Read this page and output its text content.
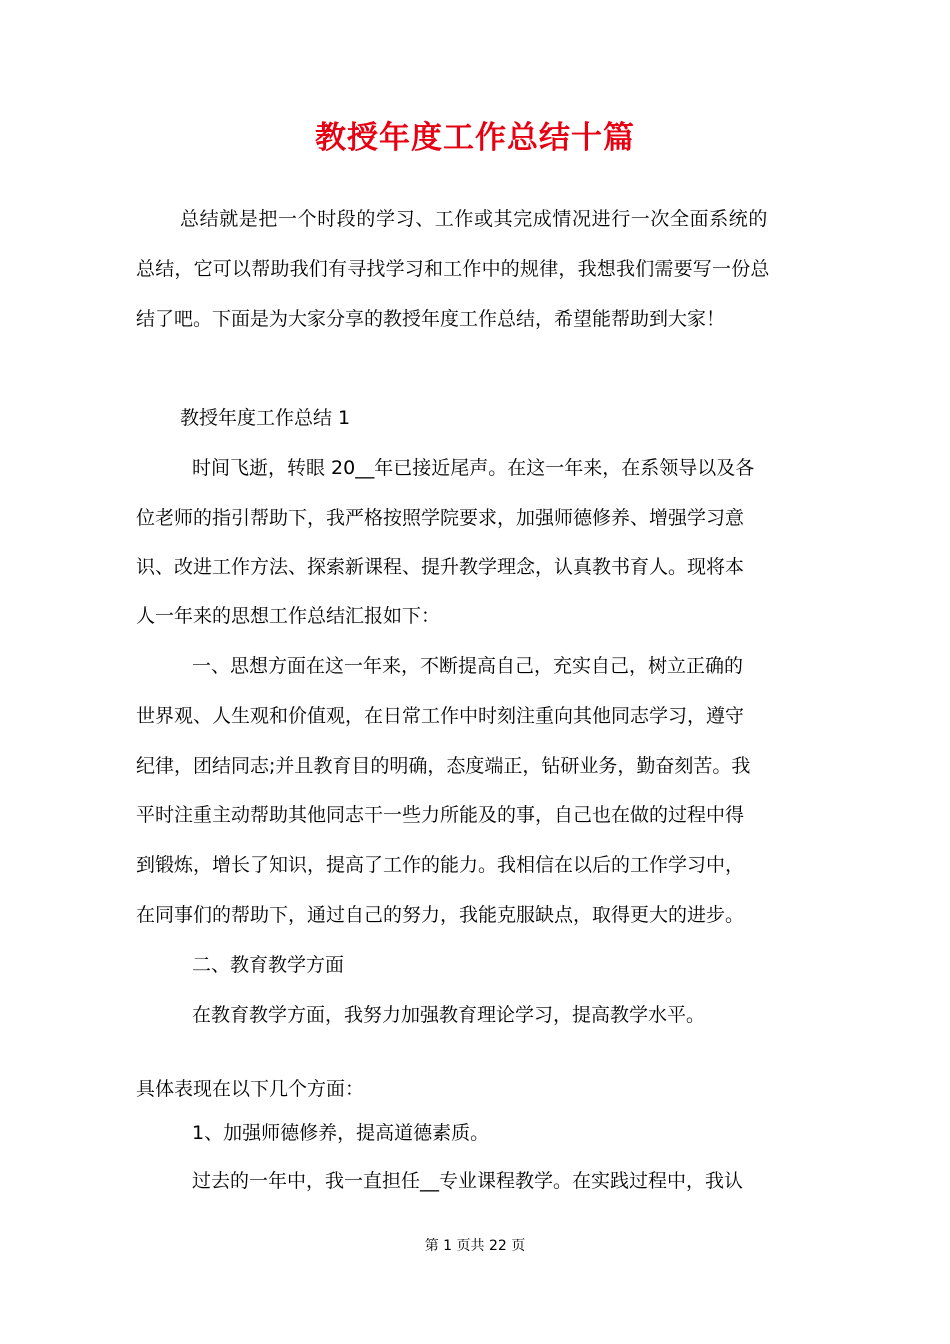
教授年度工作总结十篇
总结就是把一个时段的学习、工作或其完成情况进行一次全面系统的
总结，它可以帮助我们有寻找学习和工作中的规律，我想我们需要写一份总
结了吧。下面是为大家分享的教授年度工作总结，希望能帮助到大家！
教授年度工作总结 1
时间飞逝，转眼 20__年已接近尾声。在这一年来，在系领导以及各
位老师的指引帮助下，我严格按照学院要求，加强师德修养、增强学习意
识、改进工作方法、探索新课程、提升教学理念，认真教书育人。现将本
人一年来的思想工作总结汇报如下：
一、思想方面在这一年来，不断提高自己，充实自己，树立正确的
世界观、人生观和价值观，在日常工作中时刻注重向其他同志学习，遵守
纪律，团结同志;并且教育目的明确，态度端正，钻研业务，勤奋刻苦。我
平时注重主动帮助其他同志干一些力所能及的事，自己也在做的过程中得
到锻炼，增长了知识，提高了工作的能力。我相信在以后的工作学习中，
在同事们的帮助下，通过自己的努力，我能克服缺点，取得更大的进步。
二、教育教学方面
在教育教学方面，我努力加强教育理论学习，提高教学水平。
具体表现在以下几个方面：
1、加强师德修养，提高道德素质。
过去的一年中，我一直担任__专业课程教学。在实践过程中，我认
第 1 页共 22 页
